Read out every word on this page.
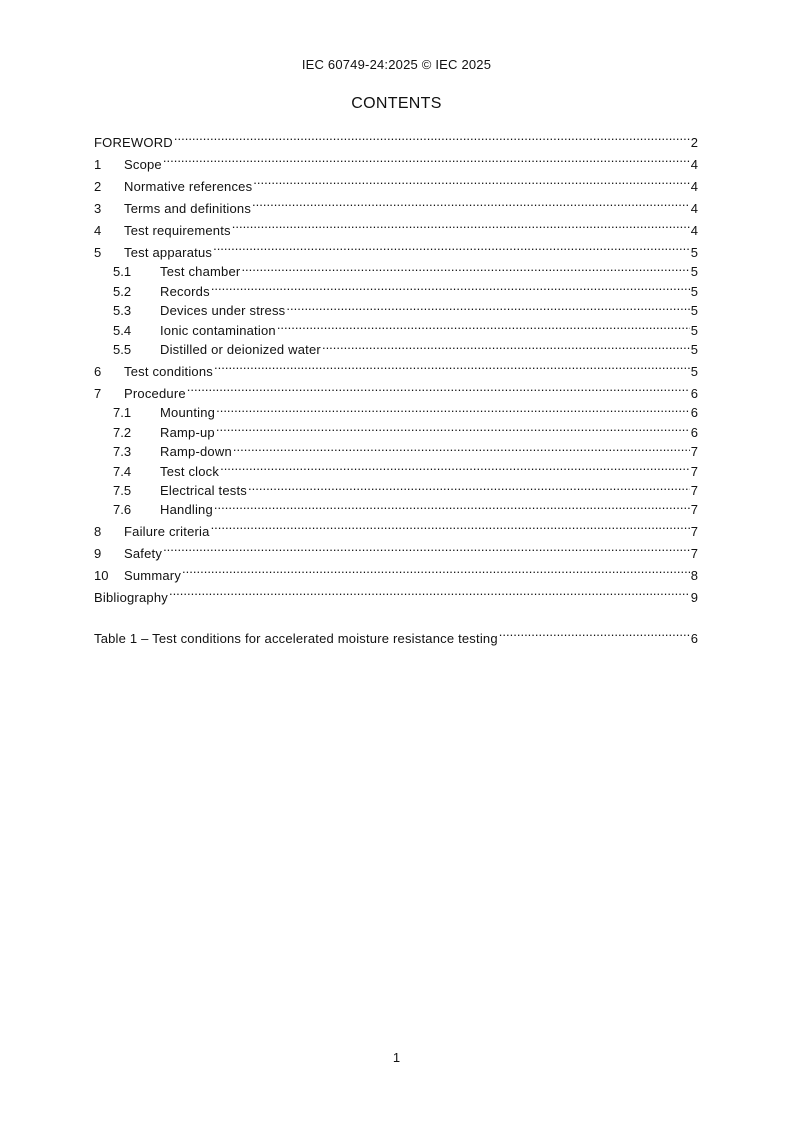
IEC 60749-24:2025 © IEC 2025
CONTENTS
FOREWORD .....	2
1	Scope .....	4
2	Normative references .....	4
3	Terms and definitions .....	4
4	Test requirements .....	4
5	Test apparatus .....	5
5.1	Test chamber .....	5
5.2	Records .....	5
5.3	Devices under stress .....	5
5.4	Ionic contamination .....	5
5.5	Distilled or deionized water .....	5
6	Test conditions .....	5
7	Procedure .....	6
7.1	Mounting .....	6
7.2	Ramp-up .....	6
7.3	Ramp-down .....	7
7.4	Test clock .....	7
7.5	Electrical tests .....	7
7.6	Handling .....	7
8	Failure criteria .....	7
9	Safety .....	7
10	Summary .....	8
Bibliography .....	9
Table 1 – Test conditions for accelerated moisture resistance testing .....	6
1
